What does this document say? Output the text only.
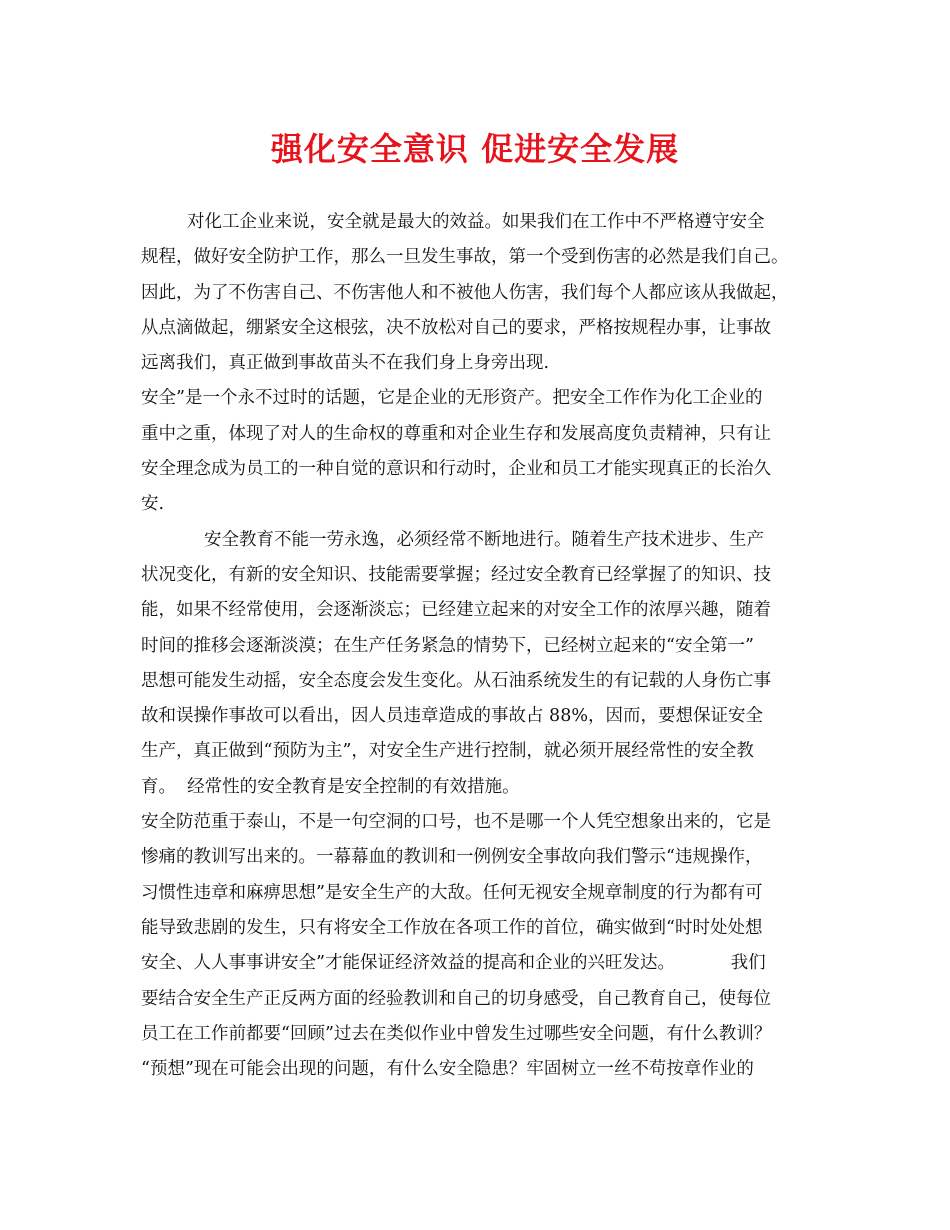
强化安全意识 促进安全发展
对化工企业来说，安全就是最大的效益。如果我们在工作中不严格遵守安全
规程，做好安全防护工作，那么一旦发生事故，第一个受到伤害的必然是我们自己。
因此，为了不伤害自己、不伤害他人和不被他人伤害，我们每个人都应该从我做起，
从点滴做起，绷紧安全这根弦，决不放松对自己的要求，严格按规程办事，让事故
远离我们，真正做到事故苗头不在我们身上身旁出现.
安全”是一个永不过时的话题，它是企业的无形资产。把安全工作作为化工企业的
重中之重，体现了对人的生命权的尊重和对企业生存和发展高度负责精神，只有让
安全理念成为员工的一种自觉的意识和行动时，企业和员工才能实现真正的长治久
安.
安全教育不能一劳永逸，必须经常不断地进行。随着生产技术进步、生产
状况变化，有新的安全知识、技能需要掌握；经过安全教育已经掌握了的知识、技
能，如果不经常使用，会逐渐淡忘；已经建立起来的对安全工作的浓厚兴趣，随着
时间的推移会逐渐淡漠；在生产任务紧急的情势下，已经树立起来的“安全第一”
思想可能发生动摇，安全态度会发生变化。从石油系统发生的有记载的人身伤亡事
故和误操作事故可以看出，因人员违章造成的事故占 88%，因而，要想保证安全
生产，真正做到“预防为主”，对安全生产进行控制，就必须开展经常性的安全教
育。  经常性的安全教育是安全控制的有效措施。
安全防范重于泰山，不是一句空洞的口号，也不是哪一个人凭空想象出来的，它是
惨痛的教训写出来的。一幕幕血的教训和一例例安全事故向我们警示“违规操作，
习惯性违章和麻痹思想”是安全生产的大敌。任何无视安全规章制度的行为都有可
能导致悲剧的发生，只有将安全工作放在各项工作的首位，确实做到“时时处处想
安全、人人事事讲安全”才能保证经济效益的提高和企业的兴旺发达。          我们
要结合安全生产正反两方面的经验教训和自己的切身感受，自己教育自己，使每位
员工在工作前都要“回顾”过去在类似作业中曾发生过哪些安全问题，有什么教训？
“预想”现在可能会出现的问题，有什么安全隐患？牢固树立一丝不苟按章作业的
